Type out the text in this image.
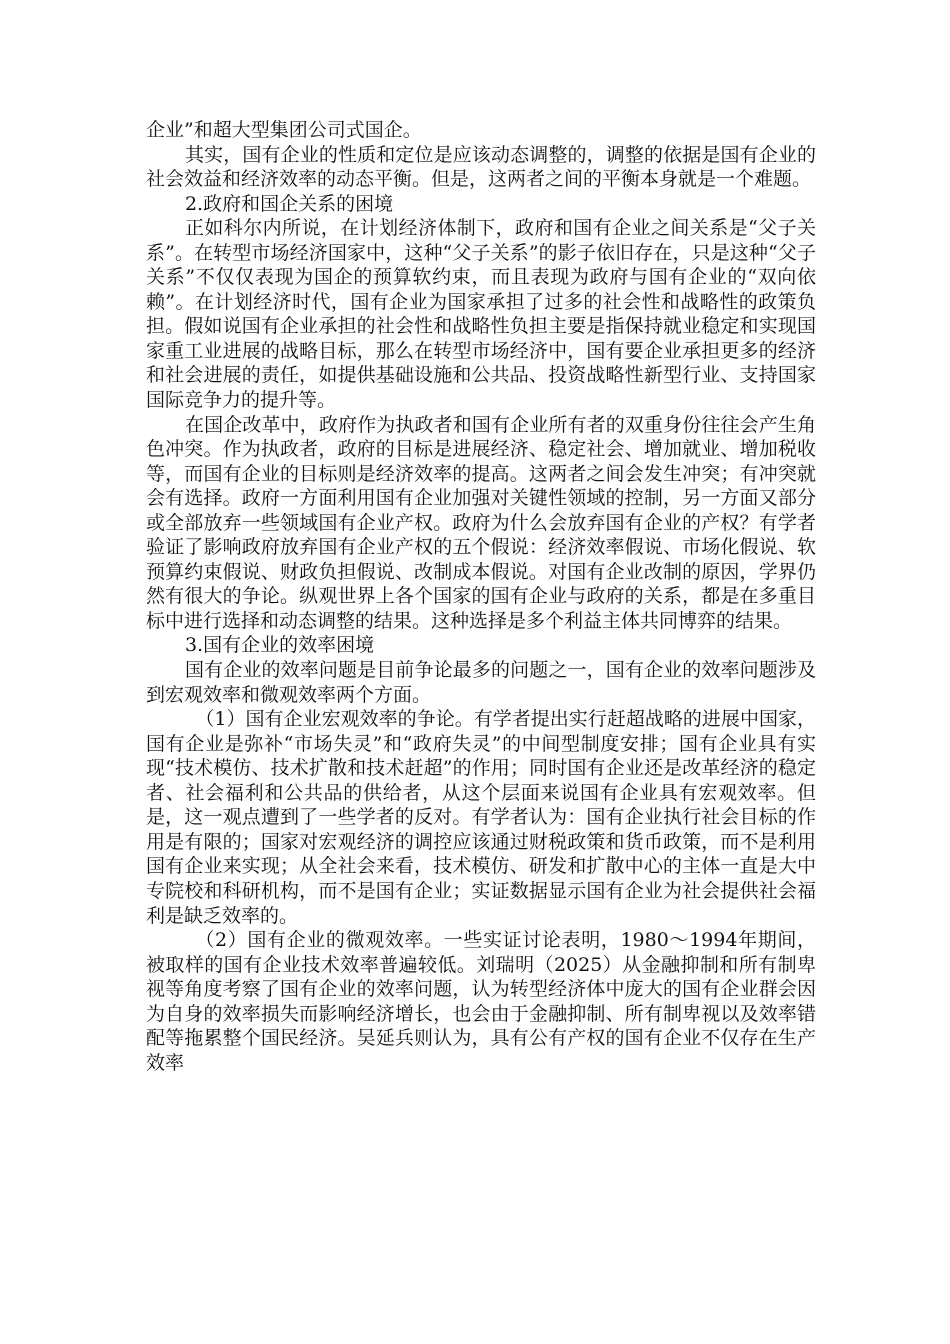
企业”和超大型集团公司式国企。

其实，国有企业的性质和定位是应该动态调整的，调整的依据是国有企业的社会效益和经济效率的动态平衡。但是，这两者之间的平衡本身就是一个难题。

2.政府和国企关系的困境

正如科尔内所说，在计划经济体制下，政府和国有企业之间关系是“父子关系”。在转型市场经济国家中，这种“父子关系”的影子依旧存在，只是这种“父子关系”不仅仅表现为国企的预算软约束，而且表现为政府与国有企业的“双向依赖”。在计划经济时代，国有企业为国家承担了过多的社会性和战略性的政策负担。假如说国有企业承担的社会性和战略性负担主要是指保持就业稳定和实现国家重工业进展的战略目标，那么在转型市场经济中，国有要企业承担更多的经济和社会进展的责任，如提供基础设施和公共品、投资战略性新型行业、支持国家国际竞争力的提升等。

在国企改革中，政府作为执政者和国有企业所有者的双重身份往往会产生角色冲突。作为执政者，政府的目标是进展经济、稳定社会、增加就业、增加税收等，而国有企业的目标则是经济效率的提高。这两者之间会发生冲突；有冲突就会有选择。政府一方面利用国有企业加强对关键性领域的控制，另一方面又部分或全部放弃一些领域国有企业产权。政府为什么会放弃国有企业的产权？有学者验证了影响政府放弃国有企业产权的五个假说：经济效率假说、市场化假说、软预算约束假说、财政负担假说、改制成本假说。对国有企业改制的原因，学界仍然有很大的争论。纵观世界上各个国家的国有企业与政府的关系，都是在多重目标中进行选择和动态调整的结果。这种选择是多个利益主体共同博弈的结果。

3.国有企业的效率困境

国有企业的效率问题是目前争论最多的问题之一，国有企业的效率问题涉及到宏观效率和微观效率两个方面。

（1）国有企业宏观效率的争论。有学者提出实行赶超战略的进展中国家，国有企业是弥补“市场失灵”和“政府失灵”的中间型制度安排；国有企业具有实现“技术模仿、技术扩散和技术赶超”的作用；同时国有企业还是改革经济的稳定者、社会福利和公共品的供给者，从这个层面来说国有企业具有宏观效率。但是，这一观点遭到了一些学者的反对。有学者认为：国有企业执行社会目标的作用是有限的；国家对宏观经济的调控应该通过财税政策和货币政策，而不是利用国有企业来实现；从全社会来看，技术模仿、研发和扩散中心的主体一直是大中专院校和科研机构，而不是国有企业；实证数据显示国有企业为社会提供社会福利是缺乏效率的。

（2）国有企业的微观效率。一些实证讨论表明，1980～1994年期间，被取样的国有企业技术效率普遍较低。刘瑞明（2025）从金融抑制和所有制卑视等角度考察了国有企业的效率问题，认为转型经济体中庞大的国有企业群会因为自身的效率损失而影响经济增长，也会由于金融抑制、所有制卑视以及效率错配等拖累整个国民经济。吴延兵则认为，具有公有产权的国有企业不仅存在生产效率
